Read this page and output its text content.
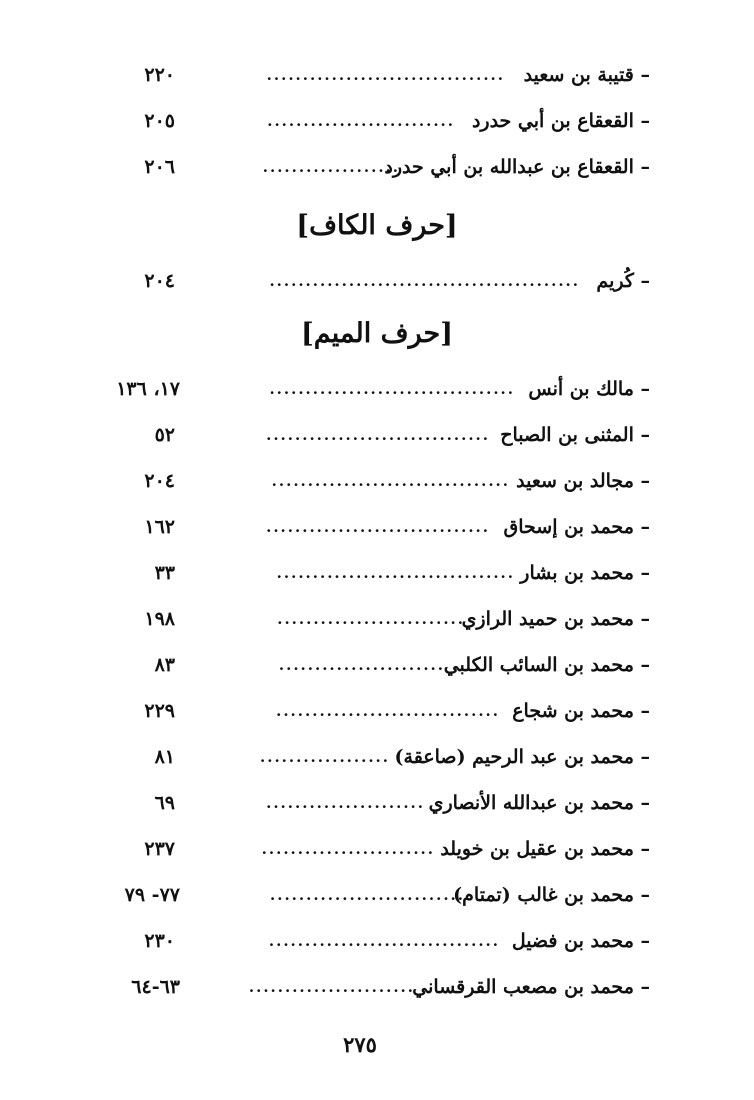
– قتيبة بن سعيد
.................................
٢٢٠
– القعقاع بن أبي حدرد
..........................
٢٠٥
– القعقاع بن عبدالله بن أبي حدرد
...................
٢٠٦
[حرف الكاف]
– كُريم
...........................................
٢٠٤
[حرف الميم]
– مالك بن أنس
..................................
١٧، ١٣٦
– المثنى بن الصباح
...............................
٥٢
– مجالد بن سعيد
.................................
٢٠٤
– محمد بن إسحاق
...............................
١٦٢
– محمد بن بشار
.................................
٣٣
– محمد بن حميد الرازي
..........................
١٩٨
– محمد بن السائب الكلبي
.......................
٨٣
– محمد بن شجاع
...............................
٢٢٩
– محمد بن عبد الرحيم (صاعقة)
..................
٨١
– محمد بن عبدالله الأنصاري
......................
٦٩
– محمد بن عقيل بن خويلد
........................
٢٣٧
– محمد بن غالب (تمتام)
...........................
٧٧- ٧٩
– محمد بن فضيل
................................
٢٣٠
– محمد بن مصعب القرقساني
.......................
٦٣-٦٤
٢٧٥
